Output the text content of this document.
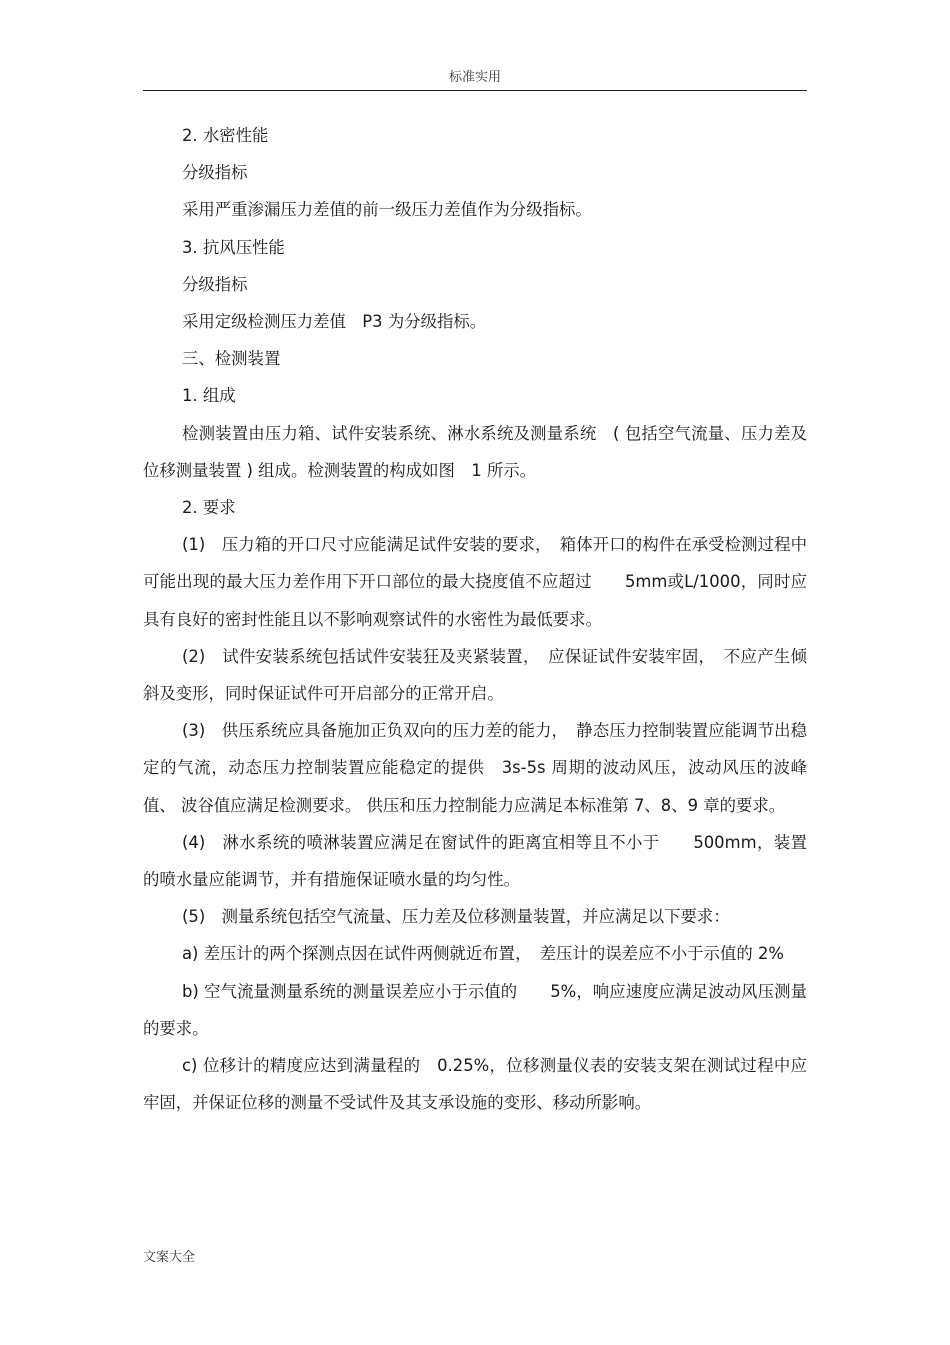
标准实用

2. 水密性能

分级指标

采用严重渗漏压力差值的前一级压力差值作为分级指标。

3. 抗风压性能

分级指标

采用定级检测压力差值　P3 为分级指标。

三、检测装置

1. 组成

检测装置由压力箱、试件安装系统、淋水系统及测量系统　( 包括空气流量、压力差及位移测量装置 ) 组成。检测装置的构成如图　1 所示。

2. 要求

(1)　压力箱的开口尺寸应能满足试件安装的要求，　箱体开口的构件在承受检测过程中可能出现的最大压力差作用下开口部位的最大挠度值不应超过　　5mm或L/1000，同时应具有良好的密封性能且以不影响观察试件的水密性为最低要求。

(2)　试件安装系统包括试件安装狂及夹紧装置，　应保证试件安装牢固，　不应产生倾斜及变形，同时保证试件可开启部分的正常开启。

(3)　供压系统应具备施加正负双向的压力差的能力，　静态压力控制装置应能调节出稳定的气流，动态压力控制装置应能稳定的提供　3s-5s 周期的波动风压，波动风压的波峰值、 波谷值应满足检测要求。 供压和压力控制能力应满足本标准第 7、8、9 章的要求。

(4)　淋水系统的喷淋装置应满足在窗试件的距离宜相等且不小于　　500mm，装置的喷水量应能调节，并有措施保证喷水量的均匀性。

(5)　测量系统包括空气流量、压力差及位移测量装置，并应满足以下要求：

a) 差压计的两个探测点因在试件两侧就近布置，　差压计的误差应不小于示值的 2%

b) 空气流量测量系统的测量误差应小于示值的　　5%，响应速度应满足波动风压测量的要求。

c) 位移计的精度应达到满量程的　0.25%，位移测量仪表的安装支架在测试过程中应牢固，并保证位移的测量不受试件及其支承设施的变形、移动所影响。

文案大全
